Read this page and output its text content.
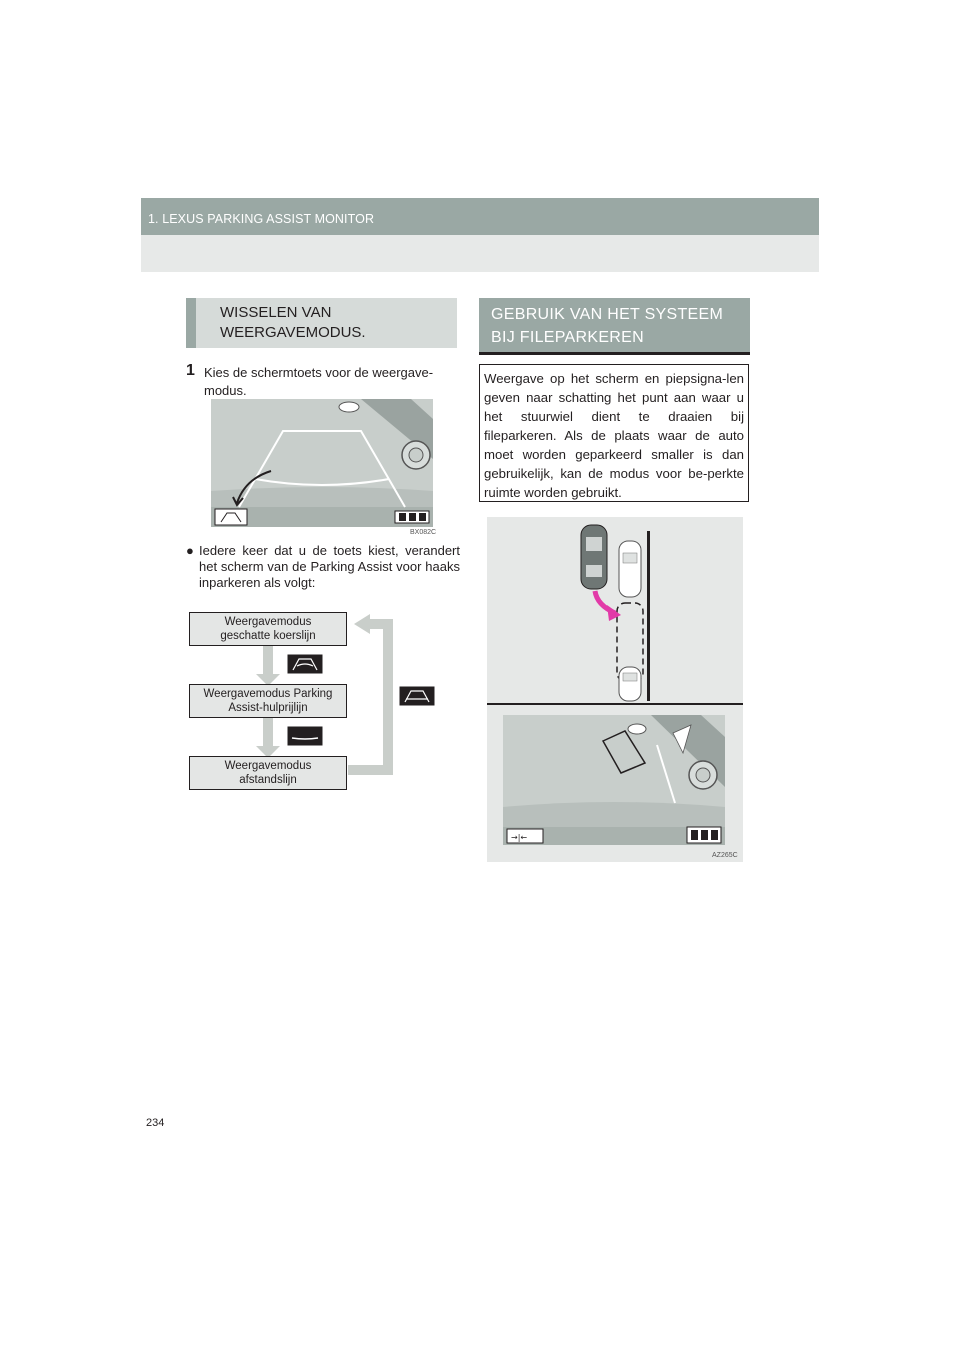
1. LEXUS PARKING ASSIST MONITOR
WISSELEN VAN
WEERGAVEMODUS.
1 Kies de schermtoets voor de weergave-modus.
BX082C
● Iedere keer dat u de toets kiest, verandert het scherm van de Parking Assist voor haaks inparkeren als volgt:
Weergavemodus
geschatte koerslijn
Weergavemodus Parking
Assist-hulprijlijn
Weergavemodus
afstandslijn
GEBRUIK VAN HET SYSTEEM
BIJ FILEPARKEREN
Weergave op het scherm en piepsigna-len geven naar schatting het punt aan waar u het stuurwiel dient te draaien bij fileparkeren. Als de plaats waar de auto moet worden geparkeerd smaller is dan gebruikelijk, kan de modus voor be-perkte ruimte worden gebruikt.
→|←
AZ265C
234
